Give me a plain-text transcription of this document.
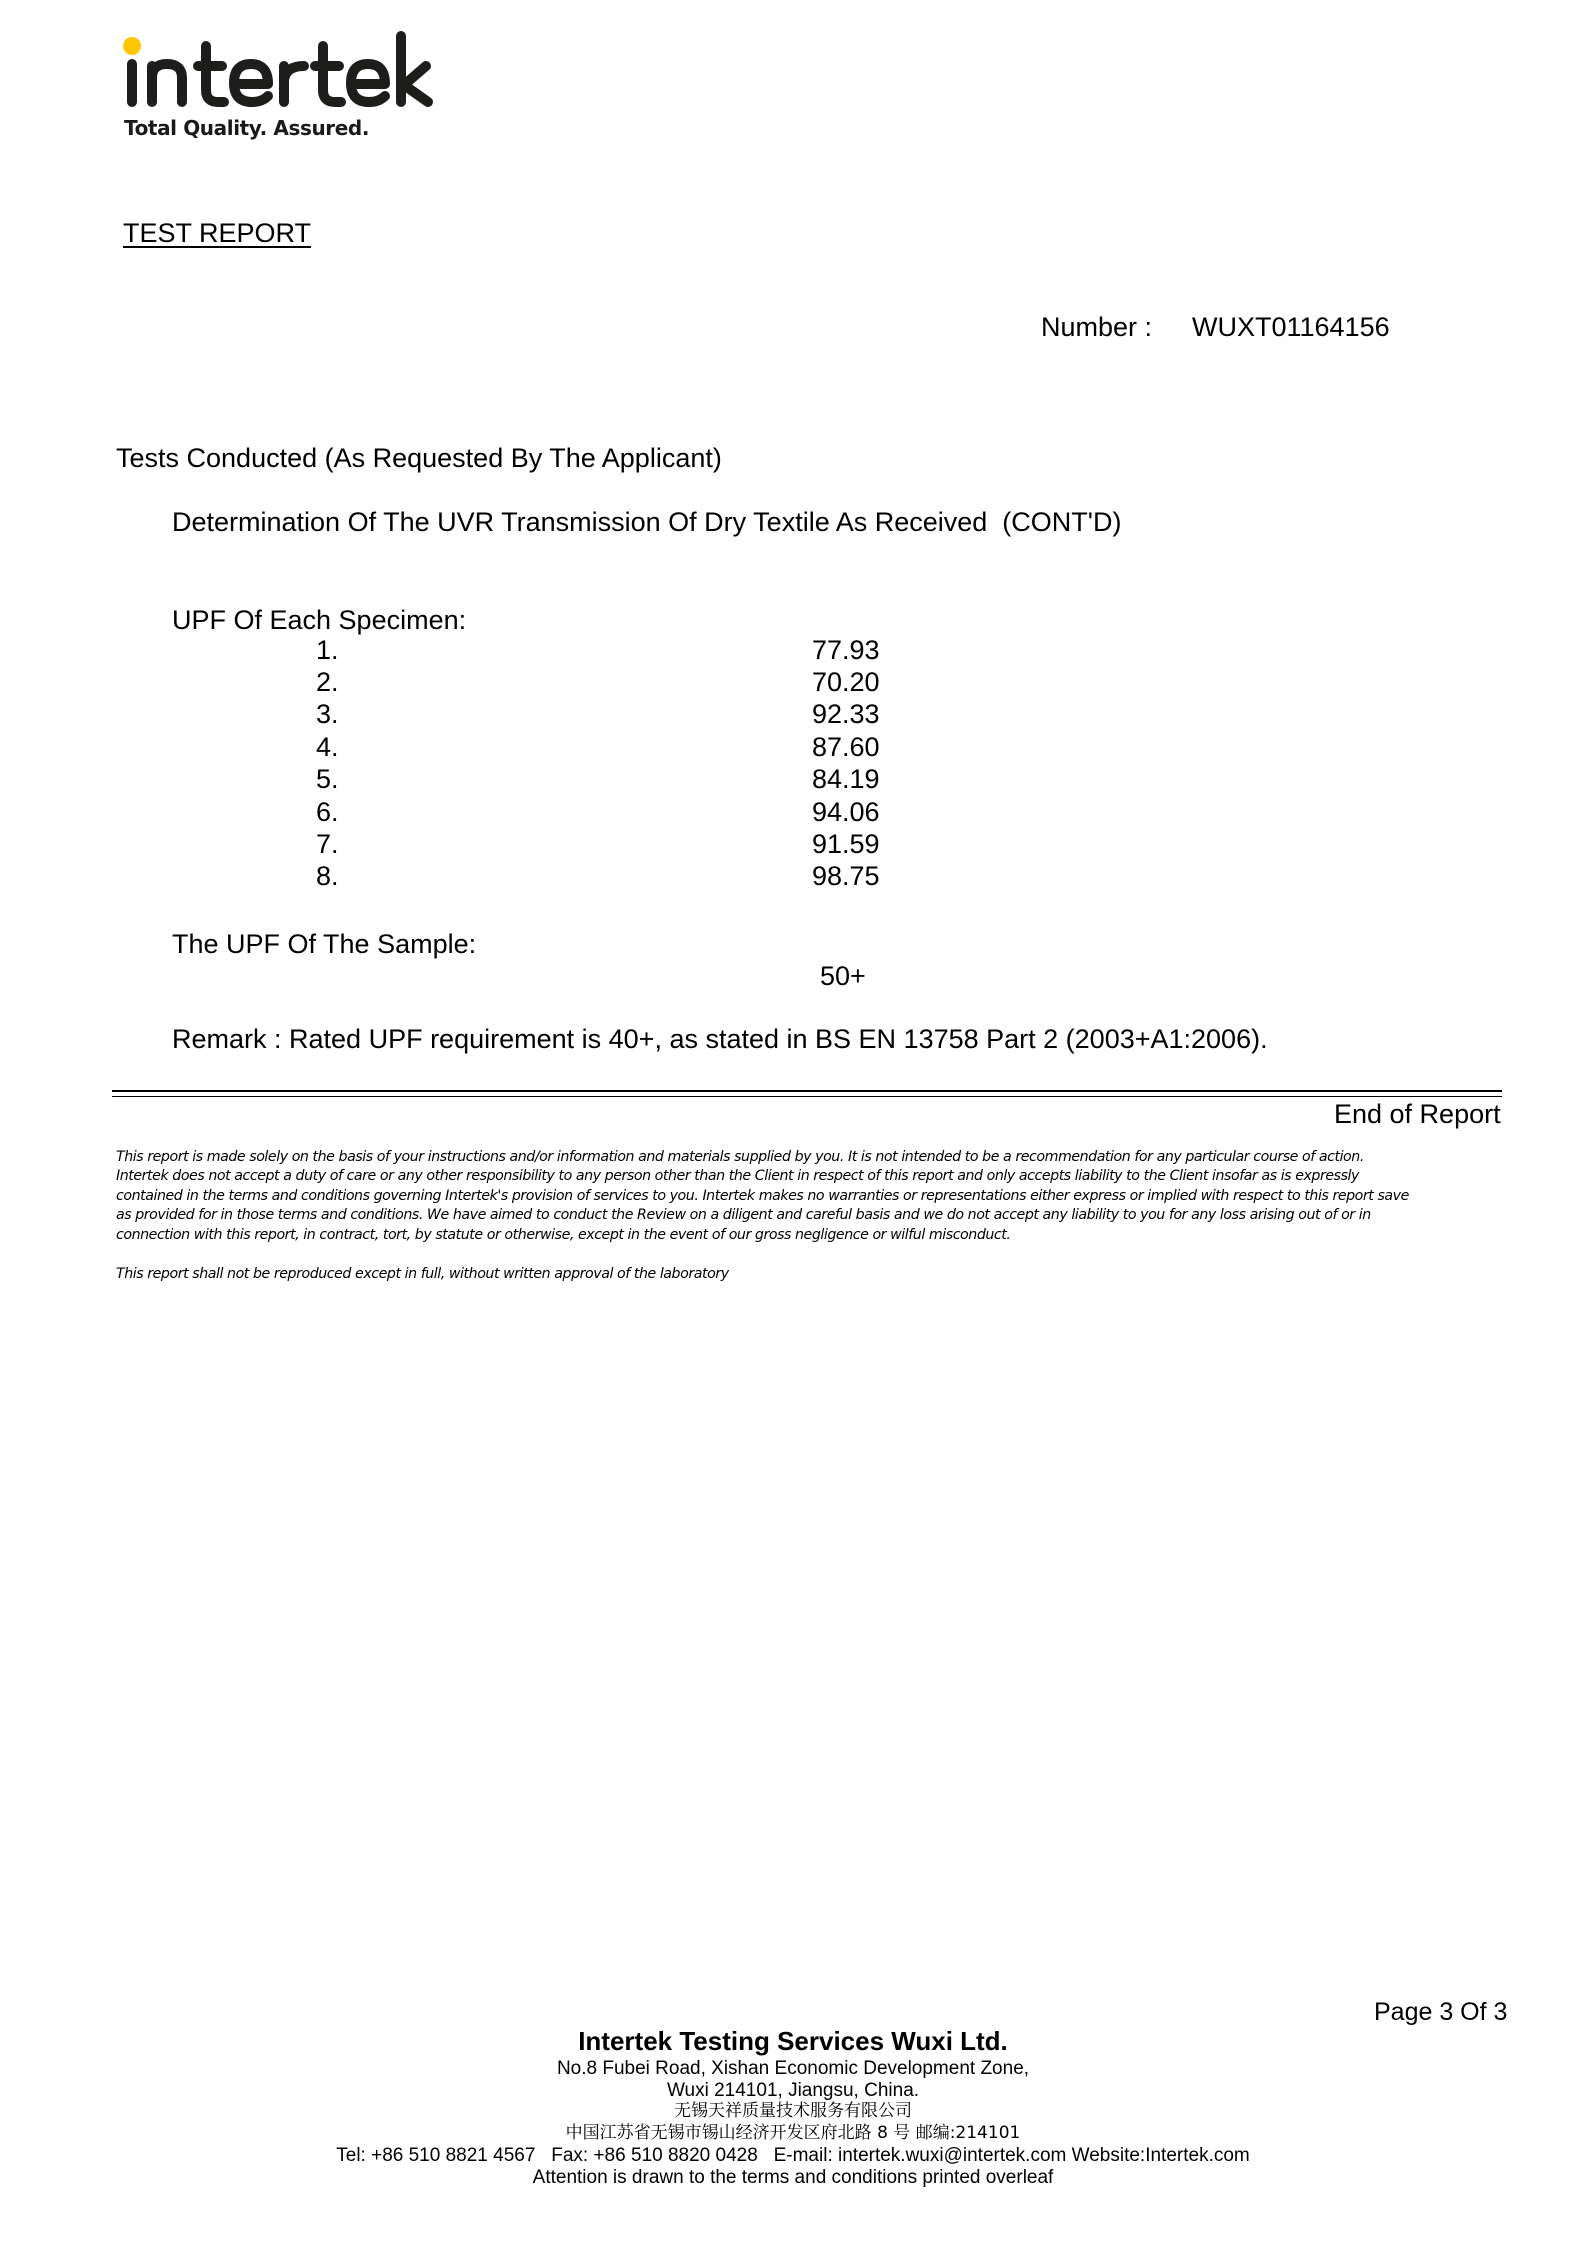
Total Quality. Assured.
TEST REPORT
Number : WUXT01164156
Tests Conducted (As Requested By The Applicant)
Determination Of The UVR Transmission Of Dry Textile As Received  (CONT'D)
UPF Of Each Specimen:
1.	77.93
2.	70.20
3.	92.33
4.	87.60
5.	84.19
6.	94.06
7.	91.59
8.	98.75
The UPF Of The Sample:
50+
Remark : Rated UPF requirement is 40+, as stated in BS EN 13758 Part 2 (2003+A1:2006).
End of Report
This report is made solely on the basis of your instructions and/or information and materials supplied by you. It is not intended to be a recommendation for any particular course of action.
Intertek does not accept a duty of care or any other responsibility to any person other than the Client in respect of this report and only accepts liability to the Client insofar as is expressly
contained in the terms and conditions governing Intertek's provision of services to you. Intertek makes no warranties or representations either express or implied with respect to this report save
as provided for in those terms and conditions. We have aimed to conduct the Review on a diligent and careful basis and we do not accept any liability to you for any loss arising out of or in
connection with this report, in contract, tort, by statute or otherwise, except in the event of our gross negligence or wilful misconduct.
This report shall not be reproduced except in full, without written approval of the laboratory
Page 3 Of 3
Intertek Testing Services Wuxi Ltd.
No.8 Fubei Road, Xishan Economic Development Zone,
Wuxi 214101, Jiangsu, China.
无锡天祥质量技术服务有限公司
中国江苏省无锡市锡山经济开发区府北路 8 号 邮编:214101
Tel: +86 510 8821 4567   Fax: +86 510 8820 0428   E-mail: intertek.wuxi@intertek.com Website:Intertek.com
Attention is drawn to the terms and conditions printed overleaf
